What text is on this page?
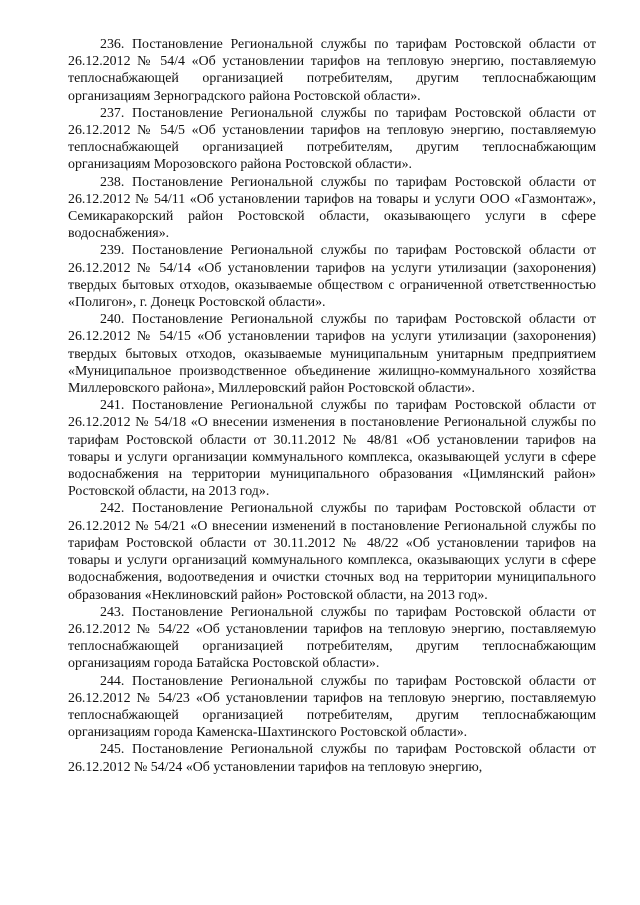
236. Постановление Региональной службы по тарифам Ростовской области от 26.12.2012 № 54/4 «Об установлении тарифов на тепловую энергию, поставляемую теплоснабжающей организацией потребителям, другим теплоснабжающим организациям Зерноградского района Ростовской области».

237. Постановление Региональной службы по тарифам Ростовской области от 26.12.2012 № 54/5 «Об установлении тарифов на тепловую энергию, поставляемую теплоснабжающей организацией потребителям, другим теплоснабжающим организациям Морозовского района Ростовской области».

238. Постановление Региональной службы по тарифам Ростовской области от 26.12.2012 № 54/11 «Об установлении тарифов на товары и услуги ООО «Газмонтаж», Семикаракорский район Ростовской области, оказывающего услуги в сфере водоснабжения».

239. Постановление Региональной службы по тарифам Ростовской области от 26.12.2012 № 54/14 «Об установлении тарифов на услуги утилизации (захоронения) твердых бытовых отходов, оказываемые обществом с ограниченной ответственностью «Полигон», г. Донецк Ростовской области».

240. Постановление Региональной службы по тарифам Ростовской области от 26.12.2012 № 54/15 «Об установлении тарифов на услуги утилизации (захоронения) твердых бытовых отходов, оказываемые муниципальным унитарным предприятием «Муниципальное производственное объединение жилищно-коммунального хозяйства Миллеровского района», Миллеровский район Ростовской области».

241. Постановление Региональной службы по тарифам Ростовской области от 26.12.2012 № 54/18 «О внесении изменения в постановление Региональной службы по тарифам Ростовской области от 30.11.2012 № 48/81 «Об установлении тарифов на товары и услуги организации коммунального комплекса, оказывающей услуги в сфере водоснабжения на территории муниципального образования «Цимлянский район» Ростовской области, на 2013 год».

242. Постановление Региональной службы по тарифам Ростовской области от 26.12.2012 № 54/21 «О внесении изменений в постановление Региональной службы по тарифам Ростовской области от 30.11.2012 № 48/22 «Об установлении тарифов на товары и услуги организаций коммунального комплекса, оказывающих услуги в сфере водоснабжения, водоотведения и очистки сточных вод на территории муниципального образования «Неклиновский район» Ростовской области, на 2013 год».

243. Постановление Региональной службы по тарифам Ростовской области от 26.12.2012 № 54/22 «Об установлении тарифов на тепловую энергию, поставляемую теплоснабжающей организацией потребителям, другим теплоснабжающим организациям города Батайска Ростовской области».

244. Постановление Региональной службы по тарифам Ростовской области от 26.12.2012 № 54/23 «Об установлении тарифов на тепловую энергию, поставляемую теплоснабжающей организацией потребителям, другим теплоснабжающим организациям города Каменска-Шахтинского Ростовской области».

245. Постановление Региональной службы по тарифам Ростовской области от 26.12.2012 № 54/24 «Об установлении тарифов на тепловую энергию,
